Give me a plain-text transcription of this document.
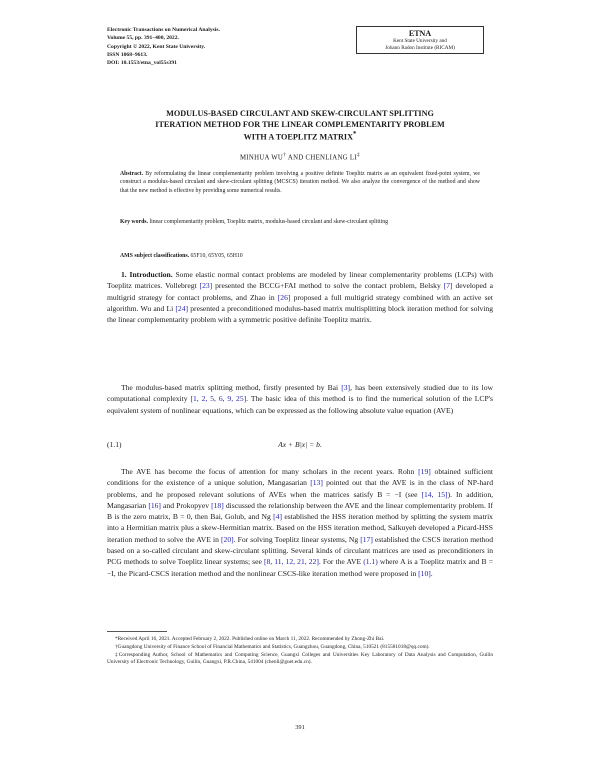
Electronic Transactions on Numerical Analysis.
Volume 55, pp. 391–400, 2022.
Copyright © 2022, Kent State University.
ISSN 1068–9613.
DOI: 10.1553/etna_vol55s391
ETNA
Kent State University and
Johann Radon Institute (RICAM)
MODULUS-BASED CIRCULANT AND SKEW-CIRCULANT SPLITTING
ITERATION METHOD FOR THE LINEAR COMPLEMENTARITY PROBLEM
WITH A TOEPLITZ MATRIX*
MINHUA WU† AND CHENLIANG LI‡
Abstract. By reformulating the linear complementarity problem involving a positive definite Toeplitz matrix as an equivalent fixed-point system, we construct a modulus-based circulant and skew-circulant splitting (MCSCS) iteration method. We also analyze the convergence of the method and show that the new method is effective by providing some numerical results.
Key words. linear complementarity problem, Toeplitz matrix, modulus-based circulant and skew-circulant splitting
AMS subject classifications. 65F10, 65Y05, 65H10
1. Introduction. Some elastic normal contact problems are modeled by linear complementarity problems (LCPs) with Toeplitz matrices. Vollebregt [23] presented the BCCG+FAI method to solve the contact problem, Belsky [7] developed a multigrid strategy for contact problems, and Zhao in [26] proposed a full multigrid strategy combined with an active set algorithm. Wu and Li [24] presented a preconditioned modulus-based matrix multisplitting block iteration method for solving the linear complementarity problem with a symmetric positive definite Toeplitz matrix.
The modulus-based matrix splitting method, firstly presented by Bai [3], has been extensively studied due to its low computational complexity [1, 2, 5, 6, 9, 25]. The basic idea of this method is to find the numerical solution of the LCP's equivalent system of nonlinear equations, which can be expressed as the following absolute value equation (AVE)
(1.1)	Ax + B|x| = b.
The AVE has become the focus of attention for many scholars in the recent years. Rohn [19] obtained sufficient conditions for the existence of a unique solution, Mangasarian [13] pointed out that the AVE is in the class of NP-hard problems, and he proposed relevant solutions of AVEs when the matrices satisfy B = −I (see [14, 15]). In addition, Mangasarian [16] and Prokopyev [18] discussed the relationship between the AVE and the linear complementarity problem. If B is the zero matrix, B = 0, then Bai, Golub, and Ng [4] established the HSS iteration method by splitting the system matrix into a Hermitian matrix plus a skew-Hermitian matrix. Based on the HSS iteration method, Salkuyeh developed a Picard-HSS iteration method to solve the AVE in [20]. For solving Toeplitz linear systems, Ng [17] established the CSCS iteration method based on a so-called circulant and skew-circulant splitting. Several kinds of circulant matrices are used as preconditioners in PCG methods to solve Toeplitz linear systems; see [8, 11, 12, 21, 22]. For the AVE (1.1) where A is a Toeplitz matrix and B = −I, the Picard-CSCS iteration method and the nonlinear CSCS-like iteration method were proposed in [10].
*Received April 16, 2021. Accepted February 2, 2022. Published online on March 11, 2022. Recommended by Zhong-Zhi Bai.
†Guangdong University of Finance School of Financial Mathematics and Statistics, Guangzhou, Guangdong, China, 510521 (815581018@qq.com).
‡Corresponding Author, School of Mathematics and Computing Science, Guangxi Colleges and Universities Key Laboratory of Data Analysis and Computation, Guilin University of Electronic Technology, Guilin, Guangxi, P.R.China, 541004 (chenli@guet.edu.cn).
391
